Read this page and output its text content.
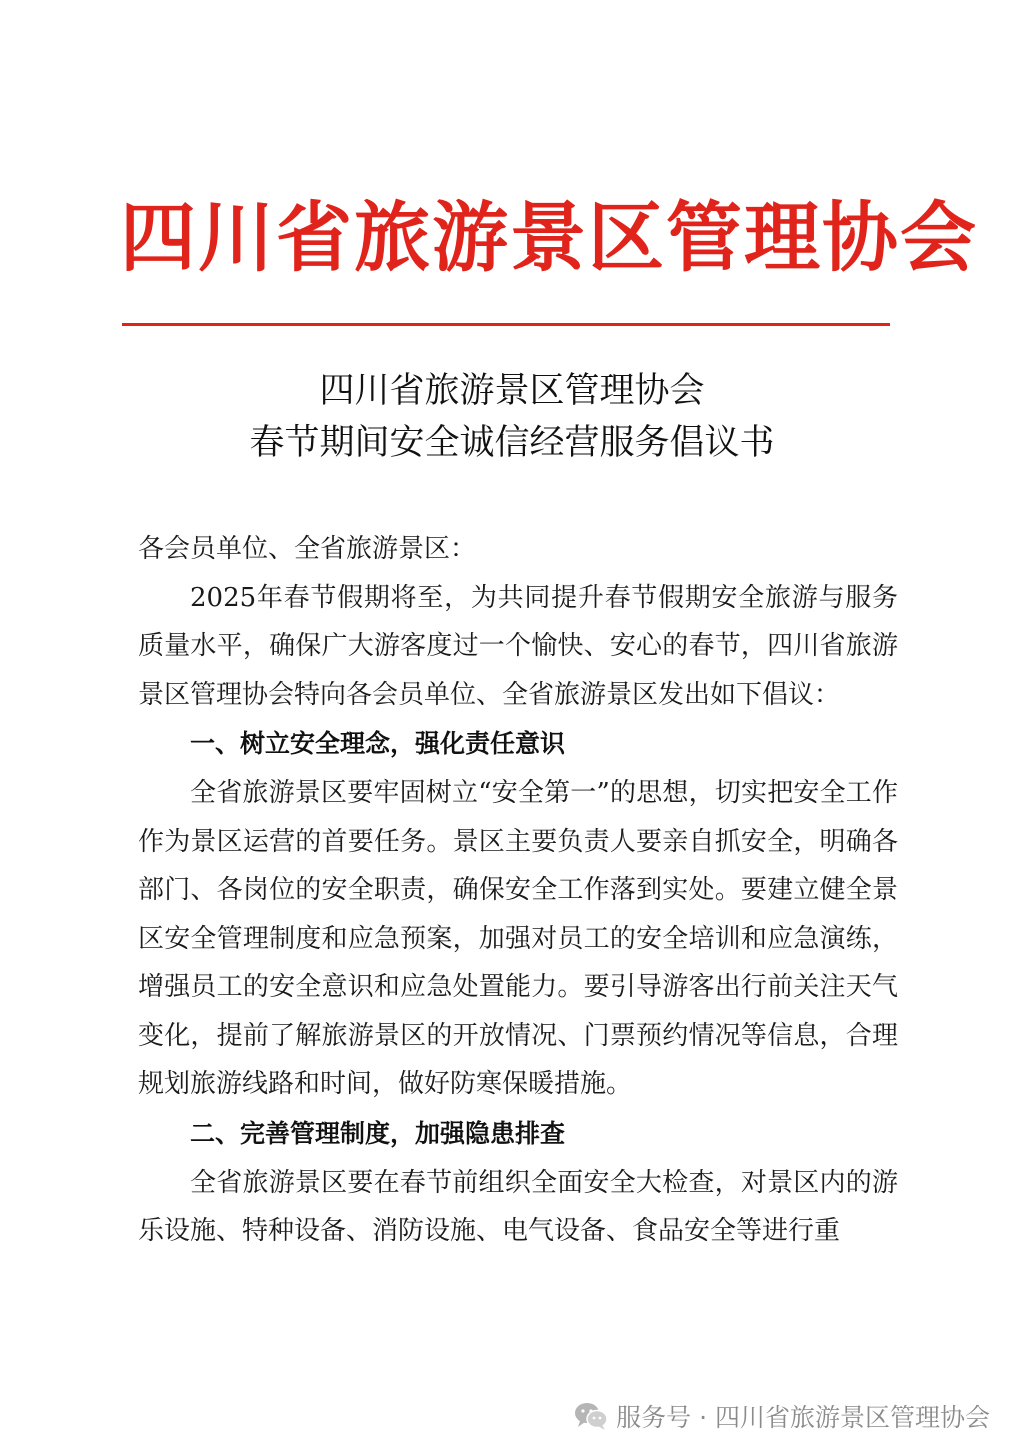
四川省旅游景区管理协会
四川省旅游景区管理协会
春节期间安全诚信经营服务倡议书

各会员单位、全省旅游景区：

2025年春节假期将至，为共同提升春节假期安全旅游与服务质量水平，确保广大游客度过一个愉快、安心的春节，四川省旅游景区管理协会特向各会员单位、全省旅游景区发出如下倡议：

一、树立安全理念，强化责任意识

全省旅游景区要牢固树立“安全第一”的思想，切实把安全工作作为景区运营的首要任务。景区主要负责人要亲自抓安全，明确各部门、各岗位的安全职责，确保安全工作落到实处。要建立健全景区安全管理制度和应急预案，加强对员工的安全培训和应急演练，增强员工的安全意识和应急处置能力。要引导游客出行前关注天气变化，提前了解旅游景区的开放情况、门票预约情况等信息，合理规划旅游线路和时间，做好防寒保暖措施。

二、完善管理制度，加强隐患排查

全省旅游景区要在春节前组织全面安全大检查，对景区内的游乐设施、特种设备、消防设施、电气设备、食品安全等进行重

服务号 · 四川省旅游景区管理协会
